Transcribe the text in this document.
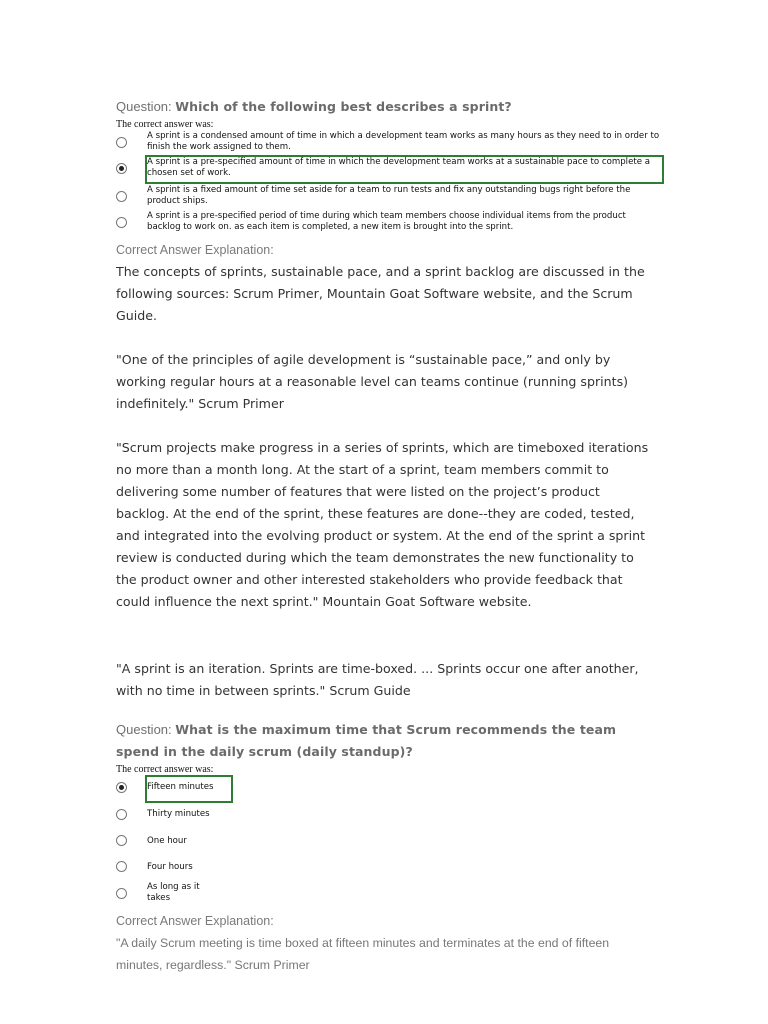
Question: Which of the following best describes a sprint?
The correct answer was:
A sprint is a condensed amount of time in which a development team works as many hours as they need to in order to finish the work assigned to them.
A sprint is a pre-specified amount of time in which the development team works at a sustainable pace to complete a chosen set of work.
A sprint is a fixed amount of time set aside for a team to run tests and fix any outstanding bugs right before the product ships.
A sprint is a pre-specified period of time during which team members choose individual items from the product backlog to work on. as each item is completed, a new item is brought into the sprint.
Correct Answer Explanation:
The concepts of sprints, sustainable pace, and a sprint backlog are discussed in the following sources: Scrum Primer, Mountain Goat Software website, and the Scrum Guide.
"One of the principles of agile development is “sustainable pace,” and only by working regular hours at a reasonable level can teams continue (running sprints) indefinitely." Scrum Primer
"Scrum projects make progress in a series of sprints, which are timeboxed iterations no more than a month long. At the start of a sprint, team members commit to delivering some number of features that were listed on the project’s product backlog. At the end of the sprint, these features are done--they are coded, tested, and integrated into the evolving product or system. At the end of the sprint a sprint review is conducted during which the team demonstrates the new functionality to the product owner and other interested stakeholders who provide feedback that could influence the next sprint." Mountain Goat Software website.
"A sprint is an iteration. Sprints are time-boxed. ... Sprints occur one after another, with no time in between sprints." Scrum Guide
Question: What is the maximum time that Scrum recommends the team spend in the daily scrum (daily standup)?
The correct answer was:
Fifteen minutes
Thirty minutes
One hour
Four hours
As long as it takes
Correct Answer Explanation:
"A daily Scrum meeting is time boxed at fifteen minutes and terminates at the end of fifteen minutes, regardless." Scrum Primer
